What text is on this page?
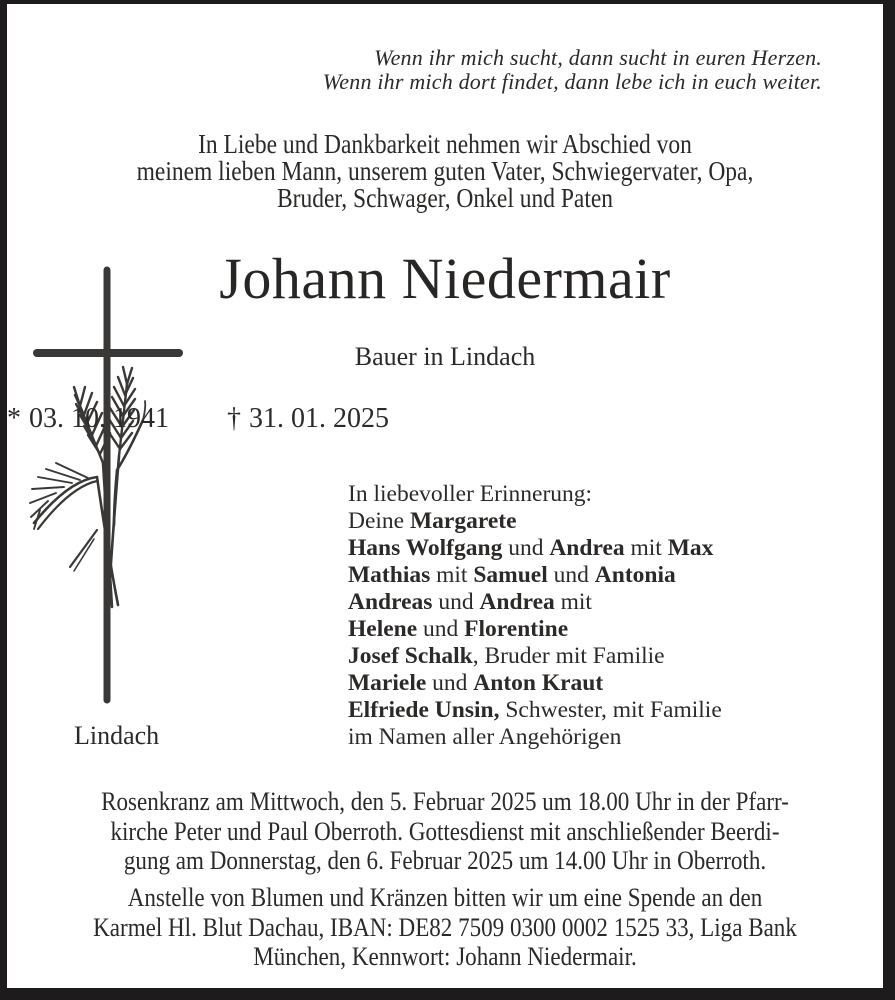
Wenn ihr mich sucht, dann sucht in euren Herzen.
Wenn ihr mich dort findet, dann lebe ich in euch weiter.
In Liebe und Dankbarkeit nehmen wir Abschied von
meinem lieben Mann, unserem guten Vater, Schwiegervater, Opa,
Bruder, Schwager, Onkel und Paten
Johann Niedermair
Bauer in Lindach
* 03. 10. 1941 † 31. 01. 2025
In liebevoller Erinnerung:
Deine Margarete
Hans Wolfgang und Andrea mit Max
Mathias mit Samuel und Antonia
Andreas und Andrea mit
Helene und Florentine
Josef Schalk, Bruder mit Familie
Mariele und Anton Kraut
Elfriede Unsin, Schwester, mit Familie
im Namen aller Angehörigen
Lindach
Rosenkranz am Mittwoch, den 5. Februar 2025 um 18.00 Uhr in der Pfarr-
kirche Peter und Paul Oberroth. Gottesdienst mit anschließender Beerdi-
gung am Donnerstag, den 6. Februar 2025 um 14.00 Uhr in Oberroth.
Anstelle von Blumen und Kränzen bitten wir um eine Spende an den
Karmel Hl. Blut Dachau, IBAN: DE82 7509 0300 0002 1525 33, Liga Bank
München, Kennwort: Johann Niedermair.
